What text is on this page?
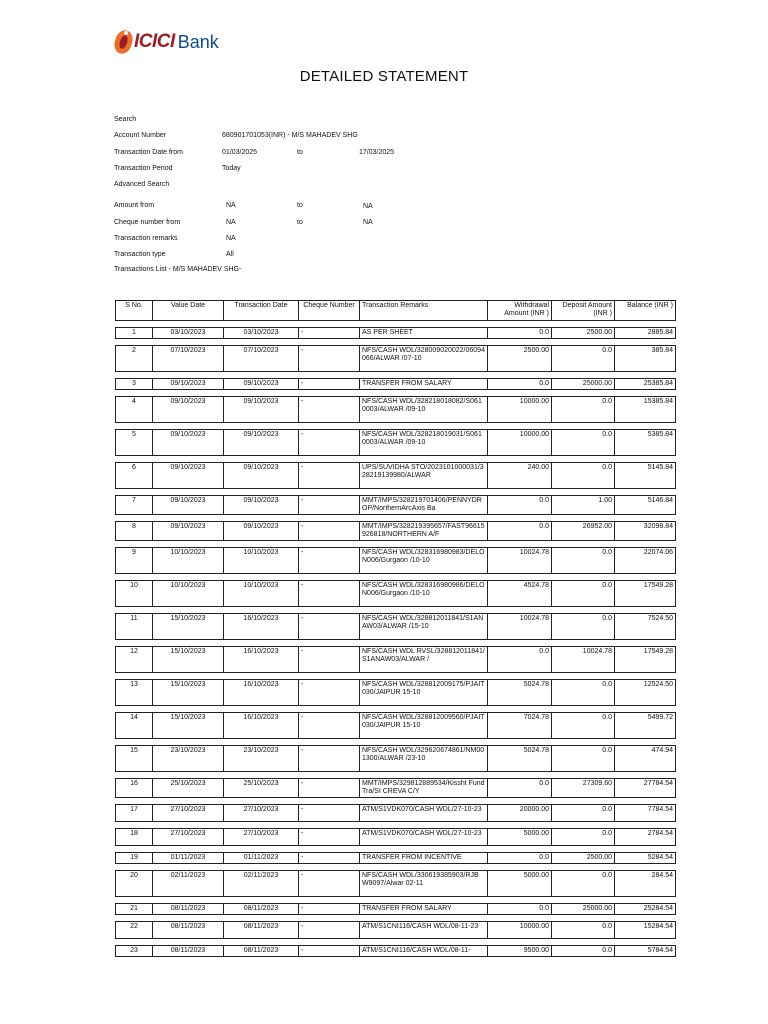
ICICI Bank
DETAILED STATEMENT
Search
Account Number	680901701053(INR) - M/S MAHADEV SHG
Transaction Date from	01/03/2025	to	17/03/2025
Transaction Period	Today
Advanced Search
Amount from	NA	to	NA
Cheque number from	NA	to	NA
Transaction remarks	NA
Transaction type	All
Transactions List - M/S MAHADEV SHG-
S No.	Value Date	Transaction Date	Cheque Number	Transaction Remarks	Withdrawal Amount (INR )	Deposit Amount (INR )	Balance (INR )

1	03/10/2023	03/10/2023	-	AS PER SHEET	0.0	2500.00	2885.84

2	07/10/2023	07/10/2023	-	NFS/CASH WDL/328009020022/06094066/ALWAR /07-10	2500.00	0.0	385.84

3	09/10/2023	09/10/2023	-	TRANSFER FROM SALARY	0.0	25000.00	25385.84

4	09/10/2023	09/10/2023	-	NFS/CASH WDL/328218018082/S0610003/ALWAR /09-10	10000.00	0.0	15385.84

5	09/10/2023	09/10/2023	-	NFS/CASH WDL/328218019031/S0610003/ALWAR /09-10	10000.00	0.0	5385.84

6	09/10/2023	09/10/2023	-	UPS/SUVIDHA STO/2023101000031/328219139980/ALWAR	240.00	0.0	5145.84

7	09/10/2023	09/10/2023	-	MMT/IMPS/328219701406/PENNYDROP/NorthernArcAxis Ba	0.0	1.00	5146.84

8	09/10/2023	09/10/2023	-	MMT/IMPS/328219395657/FAST96615926818/NORTHERN A/F	0.0	26952.00	32098.84

9	10/10/2023	10/10/2023	-	NFS/CASH WDL/328316980983/DELON006/Gurgaon /10-10	10024.78	0.0	22074.06

10	10/10/2023	10/10/2023	-	NFS/CASH WDL/328316980986/DELON006/Gurgaon /10-10	4524.78	0.0	17549.28

11	15/10/2023	16/10/2023	-	NFS/CASH WDL/328812011841/S1ANAW03/ALWAR /15-10	10024.78	0.0	7524.50

12	15/10/2023	16/10/2023	-	NFS/CASH WDL RVSL/328812011841/S1ANAW03/ALWAR /	0.0	10024.78	17549.28

13	15/10/2023	16/10/2023	-	NFS/CASH WDL/328812009175/PJAIT030/JAIPUR 15-10	5024.78	0.0	12524.50

14	15/10/2023	16/10/2023	-	NFS/CASH WDL/328812009560/PJAIT030/JAIPUR 15-10	7024.78	0.0	5499.72

15	23/10/2023	23/10/2023	-	NFS/CASH WDL/329620674861/NM001300/ALWAR /23-10	5024.78	0.0	474.94

16	25/10/2023	25/10/2023	-	MMT/IMPS/329812889534/Kissht Fund Tra/SI CREVA C/Y	0.0	27309.60	27784.54

17	27/10/2023	27/10/2023	-	ATM/S1VDK070/CASH WDL/27-10-23	20000.00	0.0	7784.54

18	27/10/2023	27/10/2023	-	ATM/S1VDK070/CASH WDL/27-10-23	5000.00	0.0	2784.54

19	01/11/2023	01/11/2023	-	TRANSFER FROM INCENTIVE	0.0	2500.00	5284.54

20	02/11/2023	02/11/2023	-	NFS/CASH WDL/330619385903/RJBW9097/Alwar 02-11	5000.00	0.0	284.54

21	08/11/2023	08/11/2023	-	TRANSFER FROM SALARY	0.0	25000.00	25284.54

22	08/11/2023	08/11/2023	-	ATM/S1CNI116/CASH WDL/08-11-23	10000.00	0.0	15284.54

23	08/11/2023	08/11/2023	-	ATM/S1CNI116/CASH WDL/08-11-	9500.00	0.0	5784.54
